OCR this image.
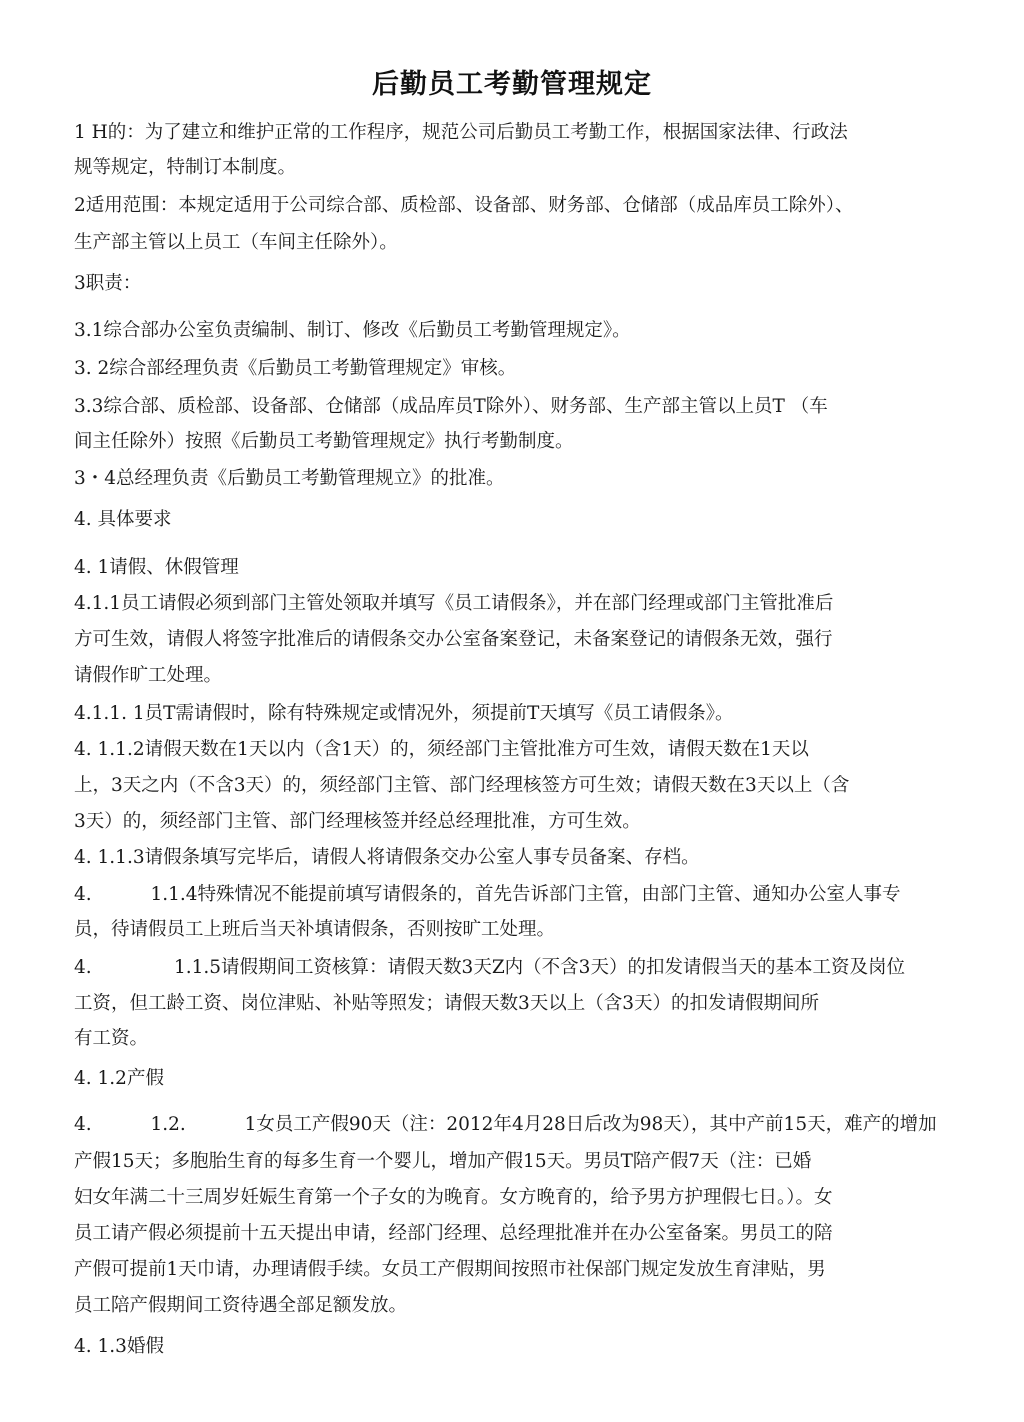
后勤员工考勤管理规定
1 H的：为了建立和维护正常的工作程序，规范公司后勤员工考勤工作，根据国家法律、行政法
规等规定，特制订本制度。
2适用范围：本规定适用于公司综合部、质检部、设备部、财务部、仓储部（成品库员工除外）、
生产部主管以上员工（车间主任除外）。
3职责：
3.1综合部办公室负责编制、制订、修改《后勤员工考勤管理规定》。
3. 2综合部经理负责《后勤员工考勤管理规定》审核。
3.3综合部、质检部、设备部、仓储部（成品库员T除外）、财务部、生产部主管以上员T （车
间主任除外）按照《后勤员工考勤管理规定》执行考勤制度。
3・4总经理负责《后勤员工考勤管理规立》的批准。
4. 具体要求
4. 1请假、休假管理
4.1.1员工请假必须到部门主管处领取并填写《员工请假条》，并在部门经理或部门主管批准后
方可生效，请假人将签字批准后的请假条交办公室备案登记，未备案登记的请假条无效，强行
请假作旷工处理。
4.1.1. 1员T需请假时，除有特殊规定或情况外，须提前T天填写《员工请假条》。
4. 1.1.2请假天数在1天以内（含1天）的，须经部门主管批准方可生效，请假天数在1天以
上，3天之内（不含3天）的，须经部门主管、部门经理核签方可生效；请假天数在3天以上（含
3天）的，须经部门主管、部门经理核签并经总经理批准，方可生效。
4. 1.1.3请假条填写完毕后，请假人将请假条交办公室人事专员备案、存档。
4.          1.1.4特殊情况不能提前填写请假条的，首先告诉部门主管，由部门主管、通知办公室人事专
员，待请假员工上班后当天补填请假条，否则按旷工处理。
4.              1.1.5请假期间工资核算：请假天数3天Z内（不含3天）的扣发请假当天的基本工资及岗位
工资，但工龄工资、岗位津贴、补贴等照发；请假天数3天以上（含3天）的扣发请假期间所
有工资。
4. 1.2产假
4.          1.2.          1女员工产假90天（注：2012年4月28日后改为98天），其中产前15天，难产的增加
产假15天；多胞胎生育的每多生育一个婴儿，增加产假15天。男员T陪产假7天（注：已婚
妇女年满二十三周岁妊娠生育第一个子女的为晚育。女方晚育的，给予男方护理假七日。）。女
员工请产假必须提前十五天提出申请，经部门经理、总经理批准并在办公室备案。男员工的陪
产假可提前1天巾请，办理请假手续。女员工产假期间按照市社保部门规定发放生育津贴，男
员工陪产假期间工资待遇全部足额发放。
4. 1.3婚假
